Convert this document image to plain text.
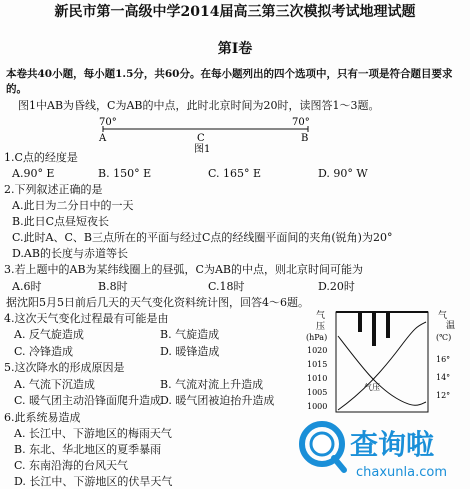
新民市第一高级中学2014届高三第三次模拟考试地理试题
第Ⅰ卷
本卷共40小题，每小题1.5分，共60分。在每小题列出的四个选项中，只有一项是符合题目要求
的。
图1中AB为昏线，C为AB的中点，此时北京时间为20时，读图答1～3题。
70°	70°
A	C	B
图1
1.C点的经度是
A.90° E	B. 150° E	C. 165° E	D. 90° W
2.下列叙述正确的是
A.此日为二分日中的一天
B.此日C点昼短夜长
C.此时A、C、B三点所在的平面与经过C点的经线圈平面间的夹角(锐角)为20°
D.AB的长度与赤道等长
3.若上题中的AB为某纬线圈上的昼弧，C为AB的中点，则北京时间可能为
A.6时	B.8时	C.18时	D.20时
据沈阳5月5日前后几天的天气变化资料统计图，回答4～6题。
4.这次天气变化过程最有可能是由
A. 反气旋造成	B. 气旋造成
C. 冷锋造成	D. 暖锋造成
5.这次降水的形成原因是
A. 气流下沉造成	B. 气流对流上升造成
C. 暖气团主动沿锋面爬升造成
D. 暖气团被迫抬升造成
6.此系统易造成
A. 长江中、下游地区的梅雨天气
B. 东北、华北地区的夏季暴雨
C. 东南沿海的台风天气
D. 长江中、下游地区的伏旱天气
气
压
(hPa)
1020
1015
1010
1005
1000
气压
气
温
(℃)
16°
14°
12°
查询啦
chaxunla.com
